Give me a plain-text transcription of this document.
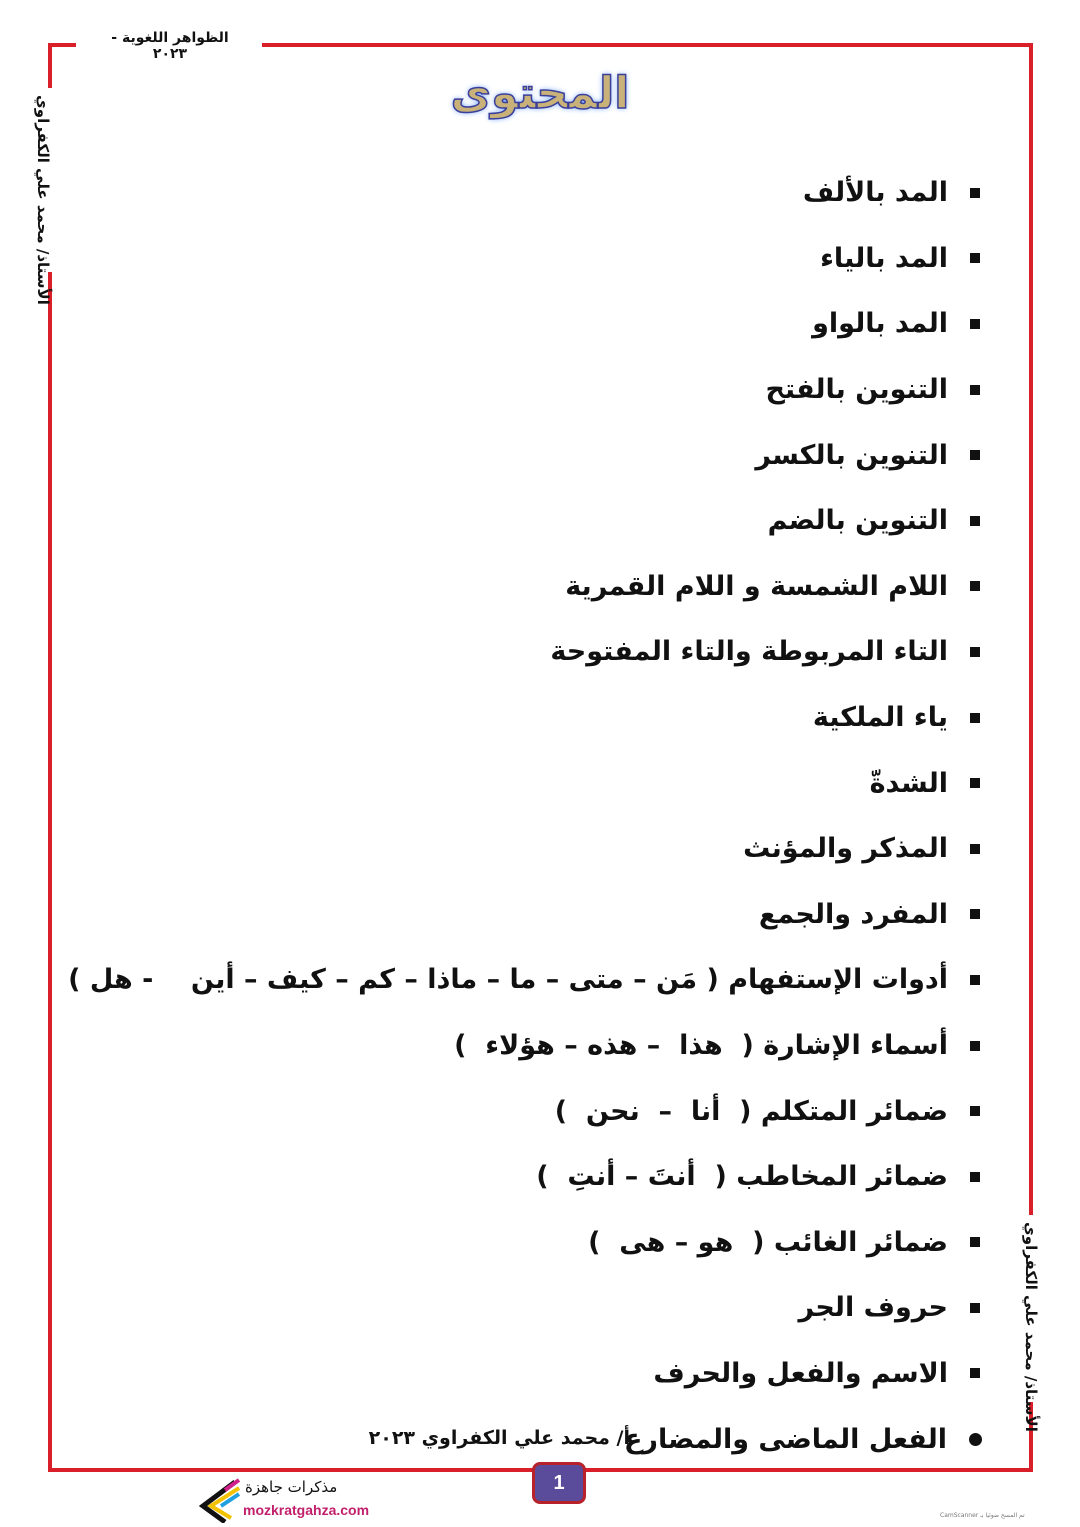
الظواهر اللغوية - ٢٠٢٣
المحتوى
الأستاذ/ محمد علي الكفراوي
الأستاذ/ محمد علي الكفراوي
المد بالألف
المد بالياء
المد بالواو
التنوين بالفتح
التنوين بالكسر
التنوين بالضم
اللام الشمسة و اللام القمرية
التاء المربوطة والتاء المفتوحة
ياء الملكية
الشدةّ
المذكر والمؤنث
المفرد والجمع
أدوات الإستفهام ( مَن – متى – ما – ماذا – كم – كيف – أين    - هل )
أسماء الإشارة (  هذا  – هذه – هؤلاء  )
ضمائر المتكلم (  أنا  –  نحن  )
ضمائر المخاطب (  أنتَ – أنتِ  )
ضمائر الغائب (  هو – هى  )
حروف الجر
الاسم والفعل والحرف
الفعل الماضى والمضارع
أ/ محمد علي الكفراوي ٢٠٢٣
1
مذكرات جاهزة
mozkratgahza.com	CamScanner تم المسح ضوئيا بـ
